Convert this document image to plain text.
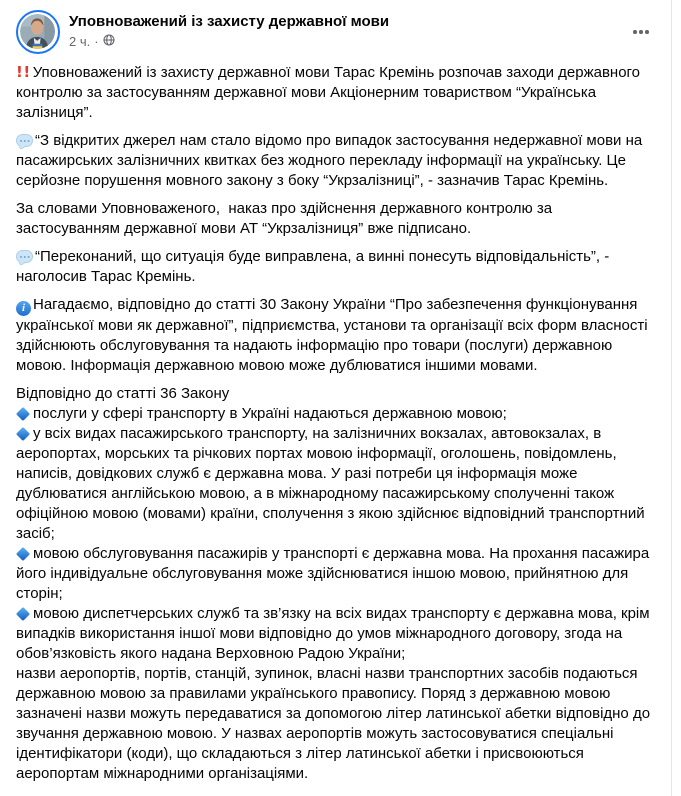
Уповноважений із захисту державної мови
2 ч. ·

!! Уповноважений із захисту державної мови Тарас Кремінь розпочав заходи державного контролю за застосуванням державної мови Акціонерним товариством “Українська залізниця”.

“З відкритих джерел нам стало відомо про випадок застосування недержавної мови на пасажирських залізничних квитках без жодного перекладу інформації на українську. Це серйозне порушення мовного закону з боку “Укрзалізниці”, - зазначив Тарас Кремінь.

За словами Уповноваженого,  наказ про здійснення державного контролю за застосуванням державної мови АТ “Укрзалізниця” вже підписано.

“Переконаний, що ситуація буде виправлена, а винні понесуть відповідальність”, - наголосив Тарас Кремінь.

i Нагадаємо, відповідно до статті 30 Закону України “Про забезпечення функціонування української мови як державної”, підприємства, установи та організації всіх форм власності здійснюють обслуговування та надають інформацію про товари (послуги) державною мовою. Інформація державною мовою може дублюватися іншими мовами.

Відповідно до статті 36 Закону
послуги у сфері транспорту в Україні надаються державною мовою;
у всіх видах пасажирського транспорту, на залізничних вокзалах, автовокзалах, в аеропортах, морських та річкових портах мовою інформації, оголошень, повідомлень, написів, довідкових служб є державна мова. У разі потреби ця інформація може дублюватися англійською мовою, а в міжнародному пасажирському сполученні також офіційною мовою (мовами) країни, сполучення з якою здійснює відповідний транспортний засіб;
мовою обслуговування пасажирів у транспорті є державна мова. На прохання пасажира його індивідуальне обслуговування може здійснюватися іншою мовою, прийнятною для сторін;
мовою диспетчерських служб та зв’язку на всіх видах транспорту є державна мова, крім випадків використання іншої мови відповідно до умов міжнародного договору, згода на обов’язковість якого надана Верховною Радою України;
назви аеропортів, портів, станцій, зупинок, власні назви транспортних засобів подаються державною мовою за правилами українського правопису. Поряд з державною мовою зазначені назви можуть передаватися за допомогою літер латинської абетки відповідно до звучання державною мовою. У назвах аеропортів можуть застосовуватися спеціальні ідентифікатори (коди), що складаються з літер латинської абетки і присвоюються аеропортам міжнародними організаціями.
